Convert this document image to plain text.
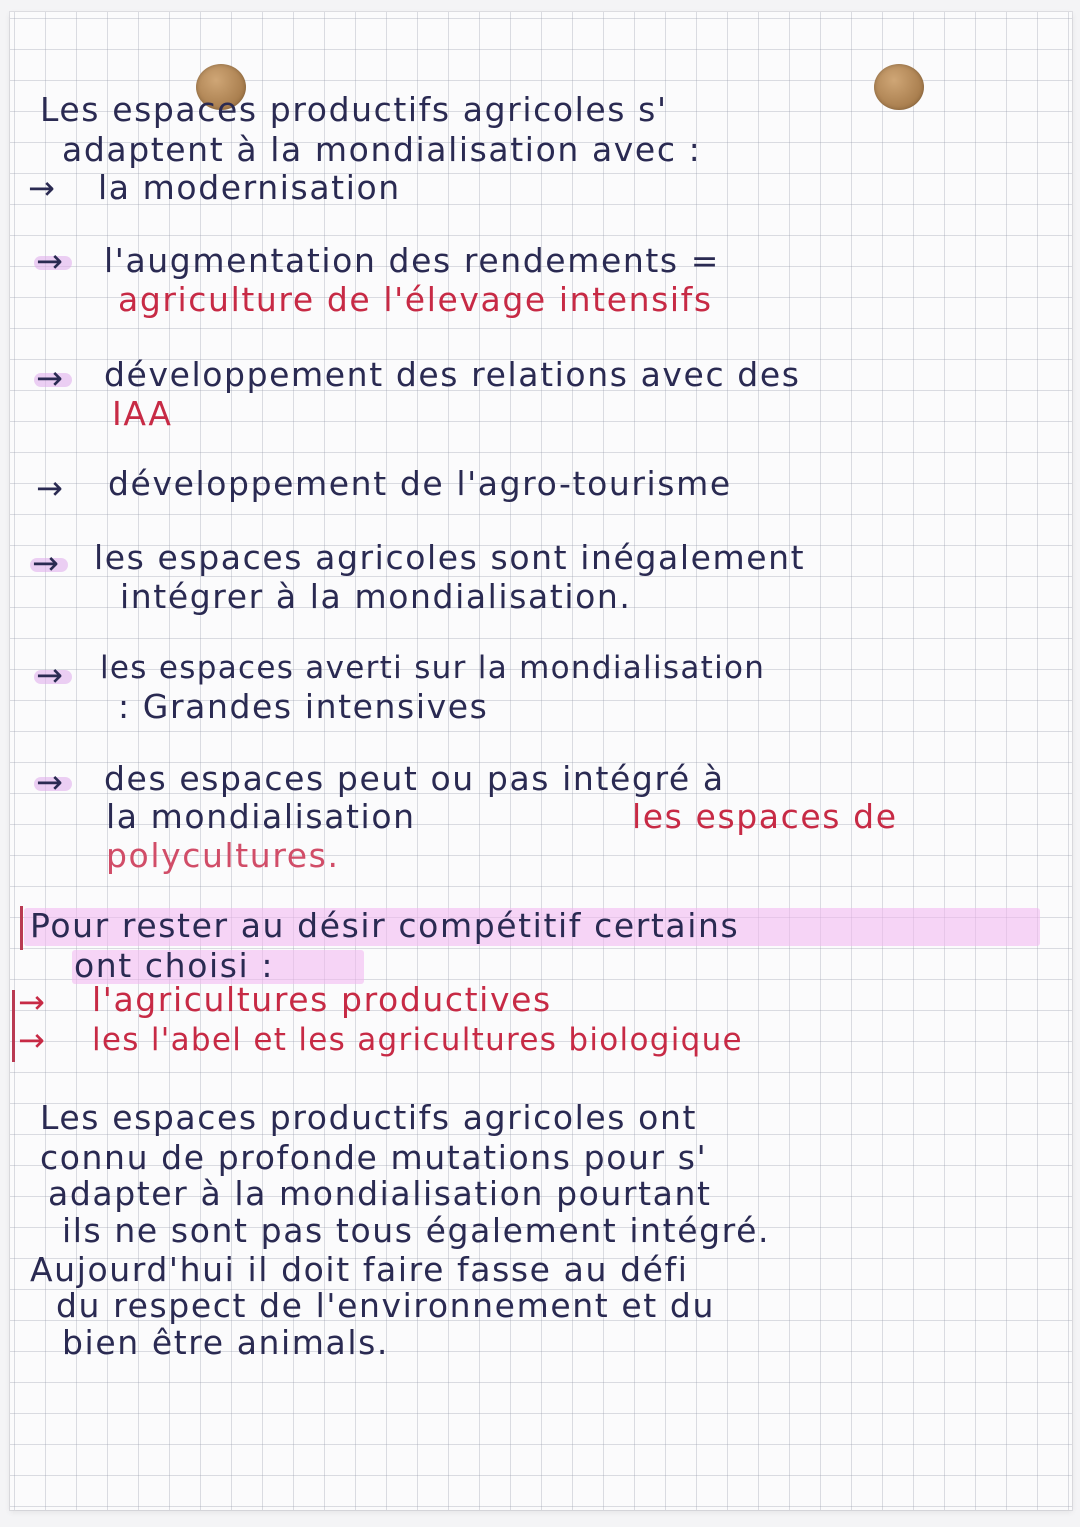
Les espaces productifs agricoles s'
adaptent à la mondialisation avec :
→ la modernisation
→ l'augmentation des rendements =
agriculture de l'élevage intensifs
→ développement des relations avec des
IAA
→ développement de l'agro-tourisme
→ les espaces agricoles sont inégalement
intégrer à la mondialisation.
→ les espaces averti sur la mondialisation
: Grandes intensives
→ des espaces peut ou pas intégré à
la mondialisation	les espaces de
polycultures.
Pour rester au désir compétitif certains
ont choisi :
→ l'agricultures productives
→ les l'abel et les agricultures biologique
Les espaces productifs agricoles ont
connu de profonde mutations pour s'
adapter à la mondialisation pourtant
ils ne sont pas tous également intégré.
Aujourd'hui il doit faire fasse au défi
du respect de l'environnement et du
bien être animals.
